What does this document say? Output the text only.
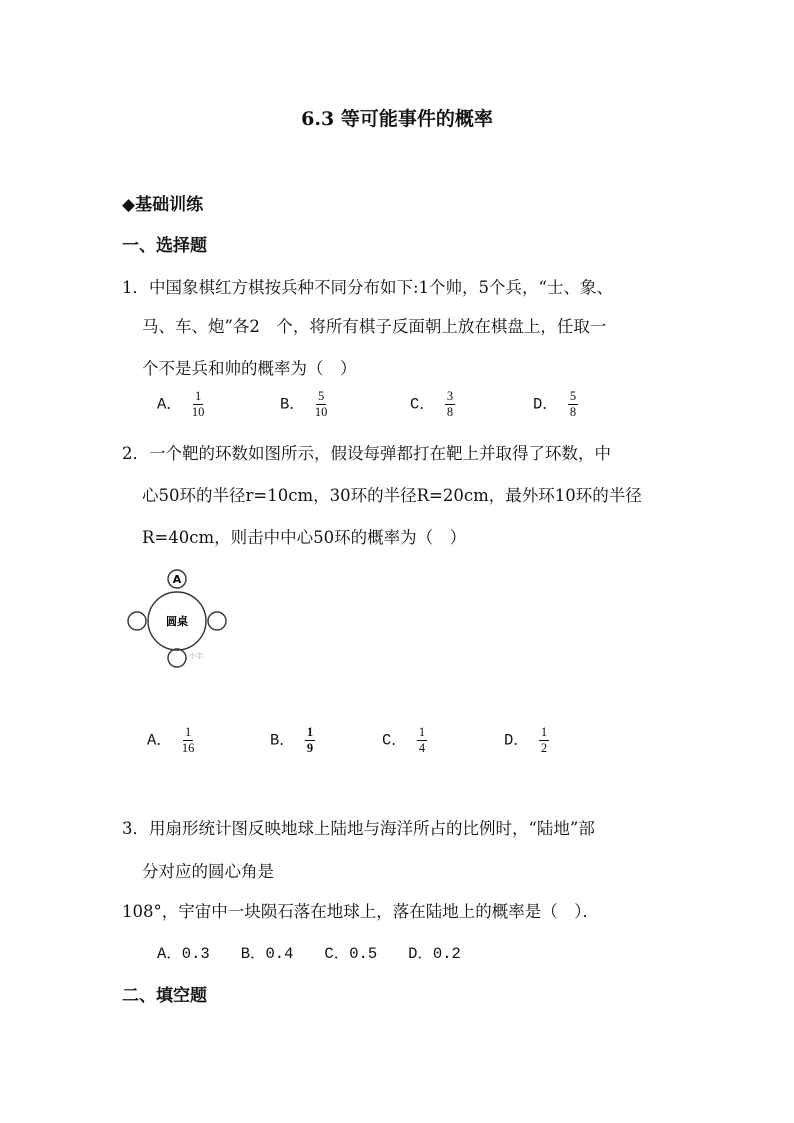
6.3 等可能事件的概率
◆基础训练
一、选择题
1．中国象棋红方棋按兵种不同分布如下:1个帅，5个兵，“士、象、
马、车、炮”各2　个，将所有棋子反面朝上放在棋盘上，任取一
个不是兵和帅的概率为（　）
A． $\frac{1}{10}$	B． $\frac{5}{10}$	C． $\frac{3}{8}$	D． $\frac{5}{8}$
2．一个靶的环数如图所示，假设每弹都打在靶上并取得了环数，中
心50环的半径r=10cm，30环的半径R=20cm，最外环10环的半径
R=40cm，则击中中心50环的概率为（　）
A
圆桌
小宇
A． $\frac{1}{16}$	B． $\frac{1}{9}$	C． $\frac{1}{4}$	D． $\frac{1}{2}$
3．用扇形统计图反映地球上陆地与海洋所占的比例时，“陆地”部
分对应的圆心角是
108°，宇宙中一块陨石落在地球上，落在陆地上的概率是（　）．
A．0.3　　B．0.4　　C．0.5　　D．0.2
二、填空题
